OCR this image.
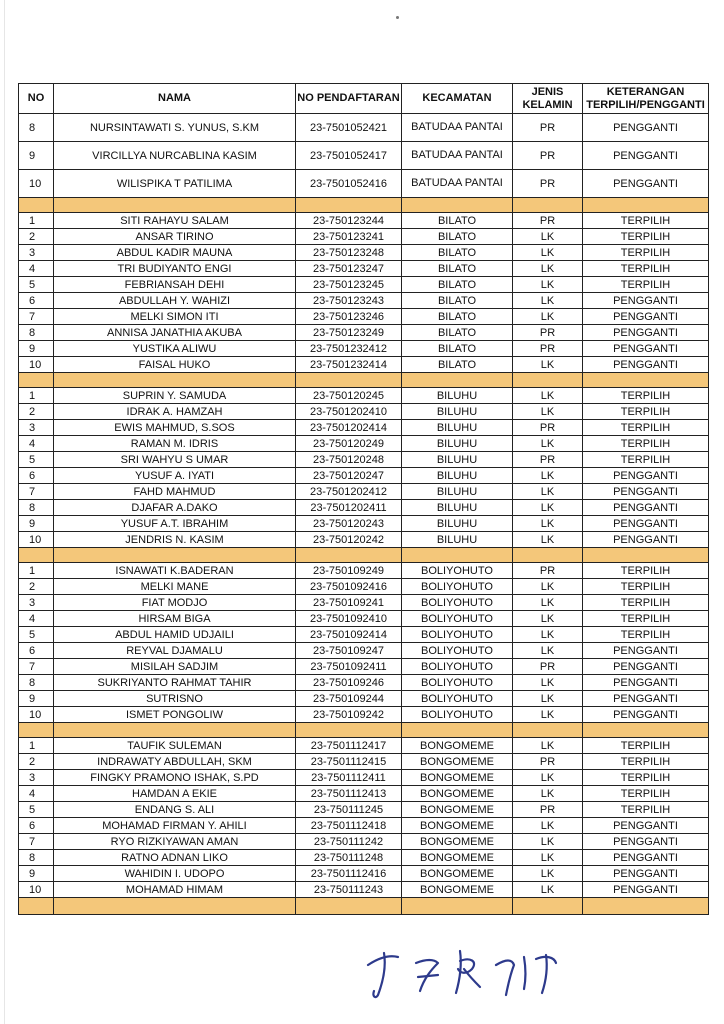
NO	NAMA	NO PENDAFTARAN	KECAMATAN	JENIS KELAMIN	KETERANGAN TERPILIH/PENGGANTI
8	NURSINTAWATI S. YUNUS, S.KM	23-7501052421	BATUDAA PANTAI	PR	PENGGANTI
9	VIRCILLYA NURCABLINA KASIM	23-7501052417	BATUDAA PANTAI	PR	PENGGANTI
10	WILISPIKA T PATILIMA	23-7501052416	BATUDAA PANTAI	PR	PENGGANTI

1	SITI RAHAYU SALAM	23-750123244	BILATO	PR	TERPILIH
2	ANSAR TIRINO	23-750123241	BILATO	LK	TERPILIH
3	ABDUL KADIR MAUNA	23-750123248	BILATO	LK	TERPILIH
4	TRI BUDIYANTO ENGI	23-750123247	BILATO	LK	TERPILIH
5	FEBRIANSAH DEHI	23-750123245	BILATO	LK	TERPILIH
6	ABDULLAH Y. WAHIZI	23-750123243	BILATO	LK	PENGGANTI
7	MELKI SIMON ITI	23-750123246	BILATO	LK	PENGGANTI
8	ANNISA JANATHIA AKUBA	23-750123249	BILATO	PR	PENGGANTI
9	YUSTIKA ALIWU	23-7501232412	BILATO	PR	PENGGANTI
10	FAISAL HUKO	23-7501232414	BILATO	LK	PENGGANTI

1	SUPRIN Y. SAMUDA	23-750120245	BILUHU	LK	TERPILIH
2	IDRAK A. HAMZAH	23-7501202410	BILUHU	LK	TERPILIH
3	EWIS MAHMUD, S.SOS	23-7501202414	BILUHU	PR	TERPILIH
4	RAMAN M. IDRIS	23-750120249	BILUHU	LK	TERPILIH
5	SRI WAHYU S UMAR	23-750120248	BILUHU	PR	TERPILIH
6	YUSUF A. IYATI	23-750120247	BILUHU	LK	PENGGANTI
7	FAHD MAHMUD	23-7501202412	BILUHU	LK	PENGGANTI
8	DJAFAR A.DAKO	23-7501202411	BILUHU	LK	PENGGANTI
9	YUSUF A.T. IBRAHIM	23-750120243	BILUHU	LK	PENGGANTI
10	JENDRIS N. KASIM	23-750120242	BILUHU	LK	PENGGANTI

1	ISNAWATI K.BADERAN	23-750109249	BOLIYOHUTO	PR	TERPILIH
2	MELKI MANE	23-7501092416	BOLIYOHUTO	LK	TERPILIH
3	FIAT MODJO	23-750109241	BOLIYOHUTO	LK	TERPILIH
4	HIRSAM BIGA	23-7501092410	BOLIYOHUTO	LK	TERPILIH
5	ABDUL HAMID UDJAILI	23-7501092414	BOLIYOHUTO	LK	TERPILIH
6	REYVAL DJAMALU	23-750109247	BOLIYOHUTO	LK	PENGGANTI
7	MISILAH SADJIM	23-7501092411	BOLIYOHUTO	PR	PENGGANTI
8	SUKRIYANTO RAHMAT TAHIR	23-750109246	BOLIYOHUTO	LK	PENGGANTI
9	SUTRISNO	23-750109244	BOLIYOHUTO	LK	PENGGANTI
10	ISMET PONGOLIW	23-750109242	BOLIYOHUTO	LK	PENGGANTI

1	TAUFIK SULEMAN	23-7501112417	BONGOMEME	LK	TERPILIH
2	INDRAWATY ABDULLAH, SKM	23-7501112415	BONGOMEME	PR	TERPILIH
3	FINGKY PRAMONO ISHAK, S.PD	23-7501112411	BONGOMEME	LK	TERPILIH
4	HAMDAN A EKIE	23-7501112413	BONGOMEME	LK	TERPILIH
5	ENDANG S. ALI	23-750111245	BONGOMEME	PR	TERPILIH
6	MOHAMAD FIRMAN Y. AHILI	23-7501112418	BONGOMEME	LK	PENGGANTI
7	RYO RIZKIYAWAN AMAN	23-750111242	BONGOMEME	LK	PENGGANTI
8	RATNO ADNAN LIKO	23-750111248	BONGOMEME	LK	PENGGANTI
9	WAHIDIN I. UDOPO	23-7501112416	BONGOMEME	LK	PENGGANTI
10	MOHAMAD HIMAM	23-750111243	BONGOMEME	LK	PENGGANTI
